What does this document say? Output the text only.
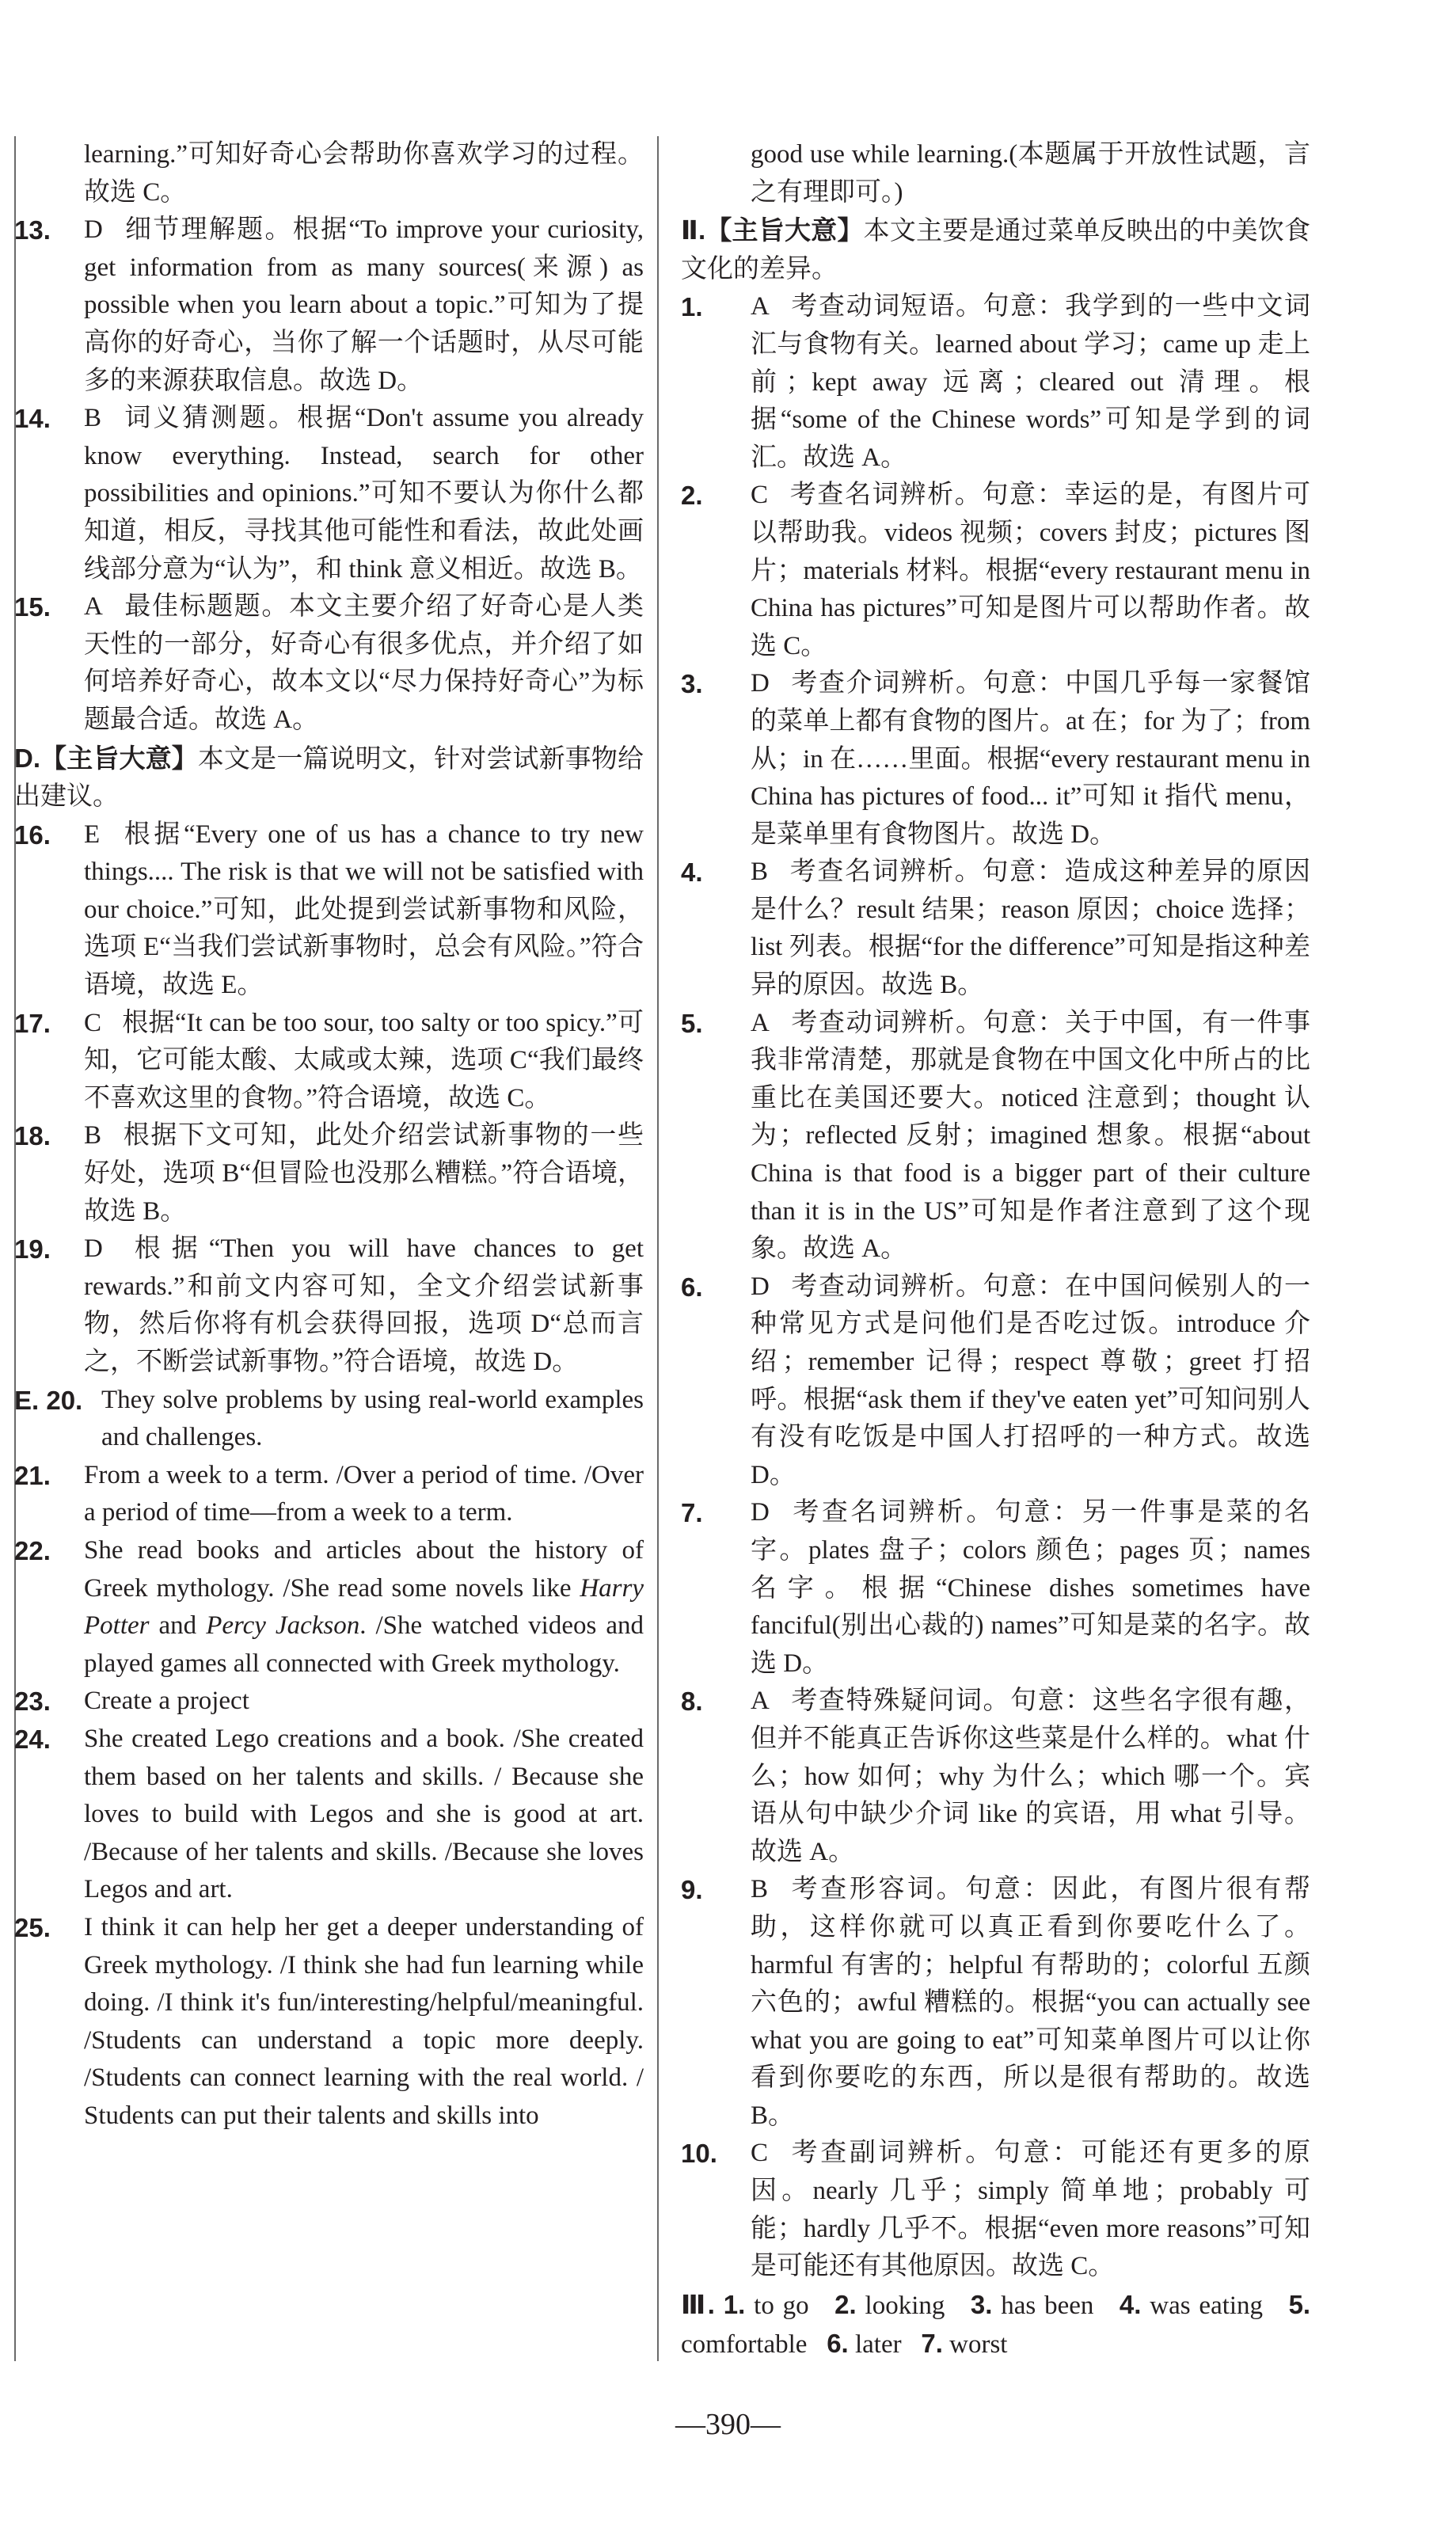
learning.”可知好奇心会帮助你喜欢学习的过程。故选 C。
13. D 细节理解题。根据“To improve your curiosity, get information from as many sources(来源) as possible when you learn about a topic.”可知为了提高你的好奇心，当你了解一个话题时，从尽可能多的来源获取信息。故选 D。
14. B 词义猜测题。根据“Don't assume you already know everything. Instead, search for other possibilities and opinions.”可知不要认为你什么都知道，相反，寻找其他可能性和看法，故此处画线部分意为“认为”，和 think 意义相近。故选 B。
15. A 最佳标题题。本文主要介绍了好奇心是人类天性的一部分，好奇心有很多优点，并介绍了如何培养好奇心，故本文以“尽力保持好奇心”为标题最合适。故选 A。
D.【主旨大意】本文是一篇说明文，针对尝试新事物给出建议。
16. E 根据“Every one of us has a chance to try new things.... The risk is that we will not be satisfied with our choice.”可知，此处提到尝试新事物和风险，选项 E“当我们尝试新事物时，总会有风险。”符合语境，故选 E。
17. C 根据“It can be too sour, too salty or too spicy.”可知，它可能太酸、太咸或太辣，选项 C“我们最终不喜欢这里的食物。”符合语境，故选 C。
18. B 根据下文可知，此处介绍尝试新事物的一些好处，选项 B“但冒险也没那么糟糕。”符合语境，故选 B。
19. D 根据“Then you will have chances to get rewards.”和前文内容可知，全文介绍尝试新事物，然后你将有机会获得回报，选项 D“总而言之，不断尝试新事物。”符合语境，故选 D。
E. 20. They solve problems by using real-world examples and challenges.
21. From a week to a term. /Over a period of time. /Over a period of time—from a week to a term.
22. She read books and articles about the history of Greek mythology. /She read some novels like Harry Potter and Percy Jackson. /She watched videos and played games all connected with Greek mythology.
23. Create a project
24. She created Lego creations and a book. /She created them based on her talents and skills. / Because she loves to build with Legos and she is good at art. /Because of her talents and skills. /Because she loves Legos and art.
25. I think it can help her get a deeper understanding of Greek mythology. /I think she had fun learning while doing. /I think it's fun/interesting/helpful/meaningful. /Students can understand a topic more deeply. /Students can connect learning with the real world. / Students can put their talents and skills into
good use while learning.(本题属于开放性试题，言之有理即可。)
Ⅱ.【主旨大意】本文主要是通过菜单反映出的中美饮食文化的差异。
1. A 考查动词短语。句意：我学到的一些中文词汇与食物有关。learned about 学习；came up 走上前；kept away 远离；cleared out 清理。根据“some of the Chinese words”可知是学到的词汇。故选 A。
2. C 考查名词辨析。句意：幸运的是，有图片可以帮助我。videos 视频；covers 封皮；pictures 图片；materials 材料。根据“every restaurant menu in China has pictures”可知是图片可以帮助作者。故选 C。
3. D 考查介词辨析。句意：中国几乎每一家餐馆的菜单上都有食物的图片。at 在；for 为了；from 从；in 在……里面。根据“every restaurant menu in China has pictures of food... it”可知 it 指代 menu，是菜单里有食物图片。故选 D。
4. B 考查名词辨析。句意：造成这种差异的原因是什么？result 结果；reason 原因；choice 选择；list 列表。根据“for the difference”可知是指这种差异的原因。故选 B。
5. A 考查动词辨析。句意：关于中国，有一件事我非常清楚，那就是食物在中国文化中所占的比重比在美国还要大。noticed 注意到；thought 认为；reflected 反射；imagined 想象。根据“about China is that food is a bigger part of their culture than it is in the US”可知是作者注意到了这个现象。故选 A。
6. D 考查动词辨析。句意：在中国问候别人的一种常见方式是问他们是否吃过饭。introduce 介绍；remember 记得；respect 尊敬；greet 打招呼。根据“ask them if they've eaten yet”可知问别人有没有吃饭是中国人打招呼的一种方式。故选 D。
7. D 考查名词辨析。句意：另一件事是菜的名字。plates 盘子；colors 颜色；pages 页；names 名字。根据“Chinese dishes sometimes have fanciful(别出心裁的) names”可知是菜的名字。故选 D。
8. A 考查特殊疑问词。句意：这些名字很有趣，但并不能真正告诉你这些菜是什么样的。what 什么；how 如何；why 为什么；which 哪一个。宾语从句中缺少介词 like 的宾语，用 what 引导。故选 A。
9. B 考查形容词。句意：因此，有图片很有帮助，这样你就可以真正看到你要吃什么了。harmful 有害的；helpful 有帮助的；colorful 五颜六色的；awful 糟糕的。根据“you can actually see what you are going to eat”可知菜单图片可以让你看到你要吃的东西，所以是很有帮助的。故选 B。
10. C 考查副词辨析。句意：可能还有更多的原因。nearly 几乎；simply 简单地；probably 可能；hardly 几乎不。根据“even more reasons”可知是可能还有其他原因。故选 C。
Ⅲ. 1. to go 2. looking 3. has been 4. was eating 5. comfortable 6. later 7. worst
—390—
